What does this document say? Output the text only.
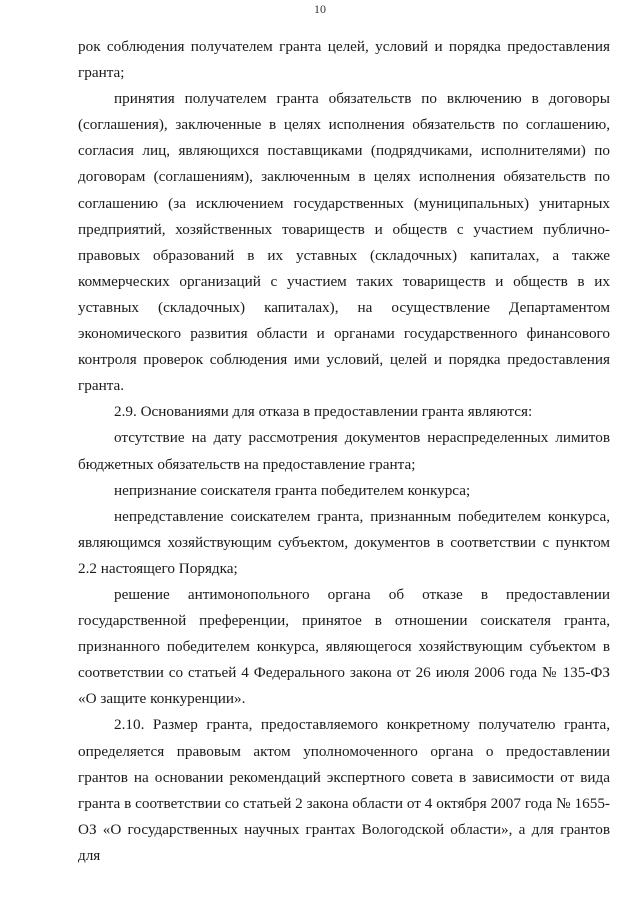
10

рок соблюдения получателем гранта целей, условий и порядка предоставления гранта;

принятия получателем гранта обязательств по включению в договоры (соглашения), заключенные в целях исполнения обязательств по соглашению, согласия лиц, являющихся поставщиками (подрядчиками, исполнителями) по договорам (соглашениям), заключенным в целях исполнения обязательств по соглашению (за исключением государственных (муниципальных) унитарных предприятий, хозяйственных товариществ и обществ с участием публично-правовых образований в их уставных (складочных) капиталах, а также коммерческих организаций с участием таких товариществ и обществ в их уставных (складочных) капиталах), на осуществление Департаментом экономического развития области и органами государственного финансового контроля проверок соблюдения ими условий, целей и порядка предоставления гранта.

2.9. Основаниями для отказа в предоставлении гранта являются:

отсутствие на дату рассмотрения документов нераспределенных лимитов бюджетных обязательств на предоставление гранта;

непризнание соискателя гранта победителем конкурса;

непредставление соискателем гранта, признанным победителем конкурса, являющимся хозяйствующим субъектом, документов в соответствии с пунктом 2.2 настоящего Порядка;

решение антимонопольного органа об отказе в предоставлении государственной преференции, принятое в отношении соискателя гранта, признанного победителем конкурса, являющегося хозяйствующим субъектом в соответствии со статьей 4 Федерального закона от 26 июля 2006 года № 135-ФЗ «О защите конкуренции».

2.10. Размер гранта, предоставляемого конкретному получателю гранта, определяется правовым актом уполномоченного органа о предоставлении грантов на основании рекомендаций экспертного совета в зависимости от вида гранта в соответствии со статьей 2 закона области от 4 октября 2007 года № 1655-ОЗ «О государственных научных грантах Вологодской области», а для грантов для
